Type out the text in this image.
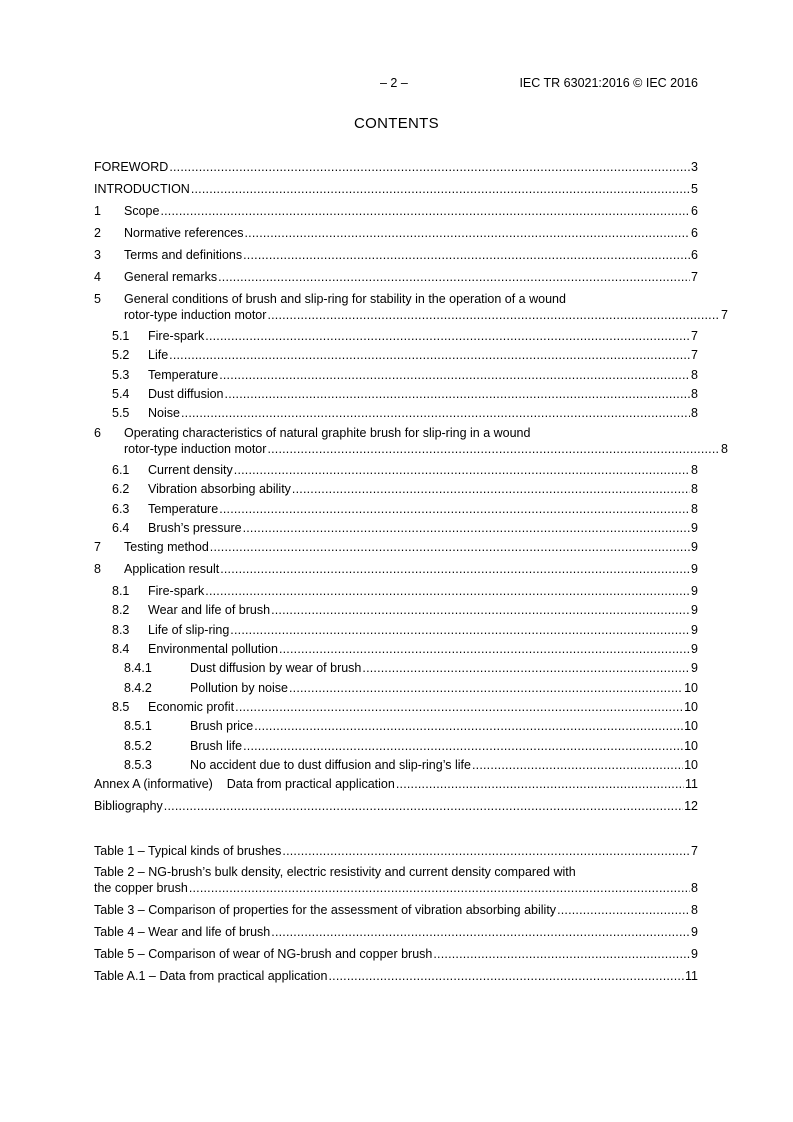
– 2 –	IEC TR 63021:2016 © IEC 2016
CONTENTS
FOREWORD .....	3
INTRODUCTION .....	5
1	Scope .....	6
2	Normative references .....	6
3	Terms and definitions .....	6
4	General remarks .....	7
5	General conditions of brush and slip-ring for stability in the operation of a wound
rotor-type induction motor .....	7
5.1	Fire-spark .....	7
5.2	Life .....	7
5.3	Temperature .....	8
5.4	Dust diffusion .....	8
5.5	Noise .....	8
6	Operating characteristics of natural graphite brush for slip-ring in a wound
rotor-type induction motor .....	8
6.1	Current density .....	8
6.2	Vibration absorbing ability .....	8
6.3	Temperature .....	8
6.4	Brush’s pressure .....	9
7	Testing method .....	9
8	Application result .....	9
8.1	Fire-spark .....	9
8.2	Wear and life of brush .....	9
8.3	Life of slip-ring .....	9
8.4	Environmental pollution .....	9
8.4.1	Dust diffusion by wear of brush .....	9
8.4.2	Pollution by noise .....	10
8.5	Economic profit .....	10
8.5.1	Brush price .....	10
8.5.2	Brush life .....	10
8.5.3	No accident due to dust diffusion and slip-ring’s life .....	10
Annex A (informative)    Data from practical application .....	11
Bibliography .....	12
Table 1 – Typical kinds of brushes .....	7
Table 2 – NG-brush’s bulk density, electric resistivity and current density compared with
the copper brush .....	8
Table 3 – Comparison of properties for the assessment of vibration absorbing ability .....	8
Table 4 – Wear and life of brush .....	9
Table 5 – Comparison of wear of NG-brush and copper brush .....	9
Table A.1 – Data from practical application .....	11
